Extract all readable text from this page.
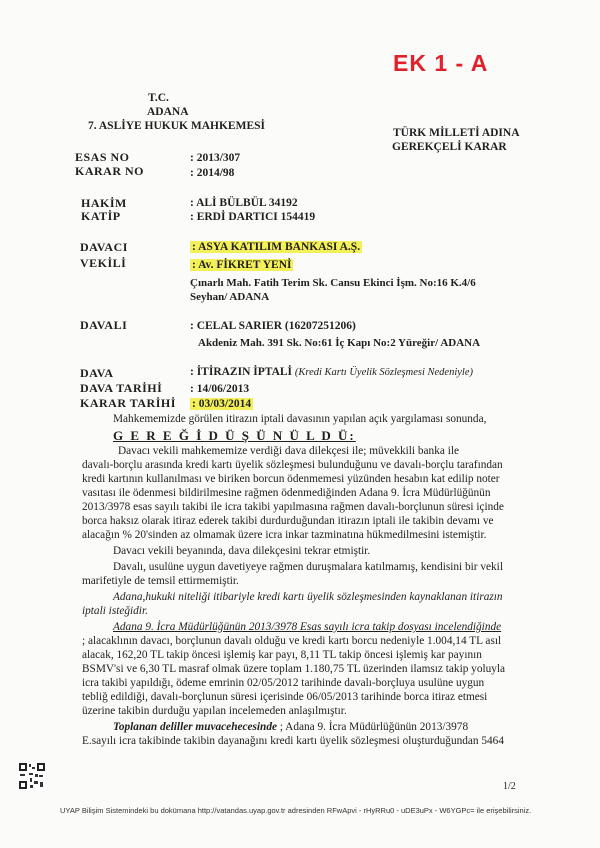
EK 1 - A
T.C.
ADANA
7. ASLİYE HUKUK MAHKEMESİ
TÜRK MİLLETİ ADINA
GEREKÇELİ KARAR
ESAS NO	: 2013/307
KARAR NO	: 2014/98
HAKİM	: ALİ BÜLBÜL 34192
KATİP	: ERDİ DARTICI 154419
DAVACI	: ASYA KATILIM BANKASI A.Ş.
VEKİLİ	: Av. FİKRET YENİ
Çınarlı Mah. Fatih Terim Sk. Cansu Ekinci İşm. No:16 K.4/6
Seyhan/ ADANA
DAVALI	: CELAL SARIER (16207251206)
Akdeniz Mah. 391 Sk. No:61 İç Kapı No:2 Yüreğir/ ADANA
DAVA	: İTİRAZIN İPTALİ (Kredi Kartı Üyelik Sözleşmesi Nedeniyle)
DAVA TARİHİ : 14/06/2013
KARAR TARİHİ : 03/03/2014
Mahkememizde görülen itirazın iptali davasının yapılan açık yargılaması sonunda,
G E R E Ğ İ D Ü Ş Ü N Ü L D Ü:
Davacı vekili mahkememize verdiği dava dilekçesi ile; müvekkili banka ile
davalı-borçlu arasında kredi kartı üyelik sözleşmesi bulunduğunu ve davalı-borçlu tarafından
kredi kartının kullanılması ve biriken borcun ödenmemesi yüzünden hesabın kat edilip noter
vasıtası ile ödenmesi bildirilmesine rağmen ödenmediğinden Adana 9. İcra Müdürlüğünün
2013/3978 esas sayılı takibi ile icra takibi yapılmasına rağmen davalı-borçlunun süresi içinde
borca haksız olarak itiraz ederek takibi durdurduğundan itirazın iptali ile takibin devamı ve
alacağın % 20'sinden az olmamak üzere icra inkar tazminatına hükmedilmesini istemiştir.
Davacı vekili beyanında, dava dilekçesini tekrar etmiştir.
Davalı, usulüne uygun davetiyeye rağmen duruşmalara katılmamış, kendisini bir vekil
marifetiyle de temsil ettirmemiştir.
Adana,hukuki niteliği itibariyle kredi kartı üyelik sözleşmesinden kaynaklanan itirazın
iptali isteğidir.
Adana 9. İcra Müdürlüğünün 2013/3978 Esas sayılı icra takip dosyası incelendiğinde
; alacaklının davacı, borçlunun davalı olduğu ve kredi kartı borcu nedeniyle 1.004,14 TL asıl
alacak, 162,20 TL takip öncesi işlemiş kar payı, 8,11 TL takip öncesi işlemiş kar payının
BSMV'si ve 6,30 TL masraf olmak üzere toplam 1.180,75 TL üzerinden ilamsız takip yoluyla
icra takibi yapıldığı, ödeme emrinin 02/05/2012 tarihinde davalı-borçluya usulüne uygun
tebliğ edildiği, davalı-borçlunun süresi içerisinde 06/05/2013 tarihinde borca itiraz etmesi
üzerine takibin durduğu yapılan incelemeden anlaşılmıştır.
Toplanan deliller muvacehecesinde ; Adana 9. İcra Müdürlüğünün 2013/3978
E.sayılı icra takibinde takibin dayanağını kredi kartı üyelik sözleşmesi oluşturduğundan 5464
1/2
UYAP Bilişim Sistemindeki bu dokümana http://vatandas.uyap.gov.tr adresinden RFwApvi - rHyRRu0 - uDE3uPx - W6YGPc= ile erişebilirsiniz.
